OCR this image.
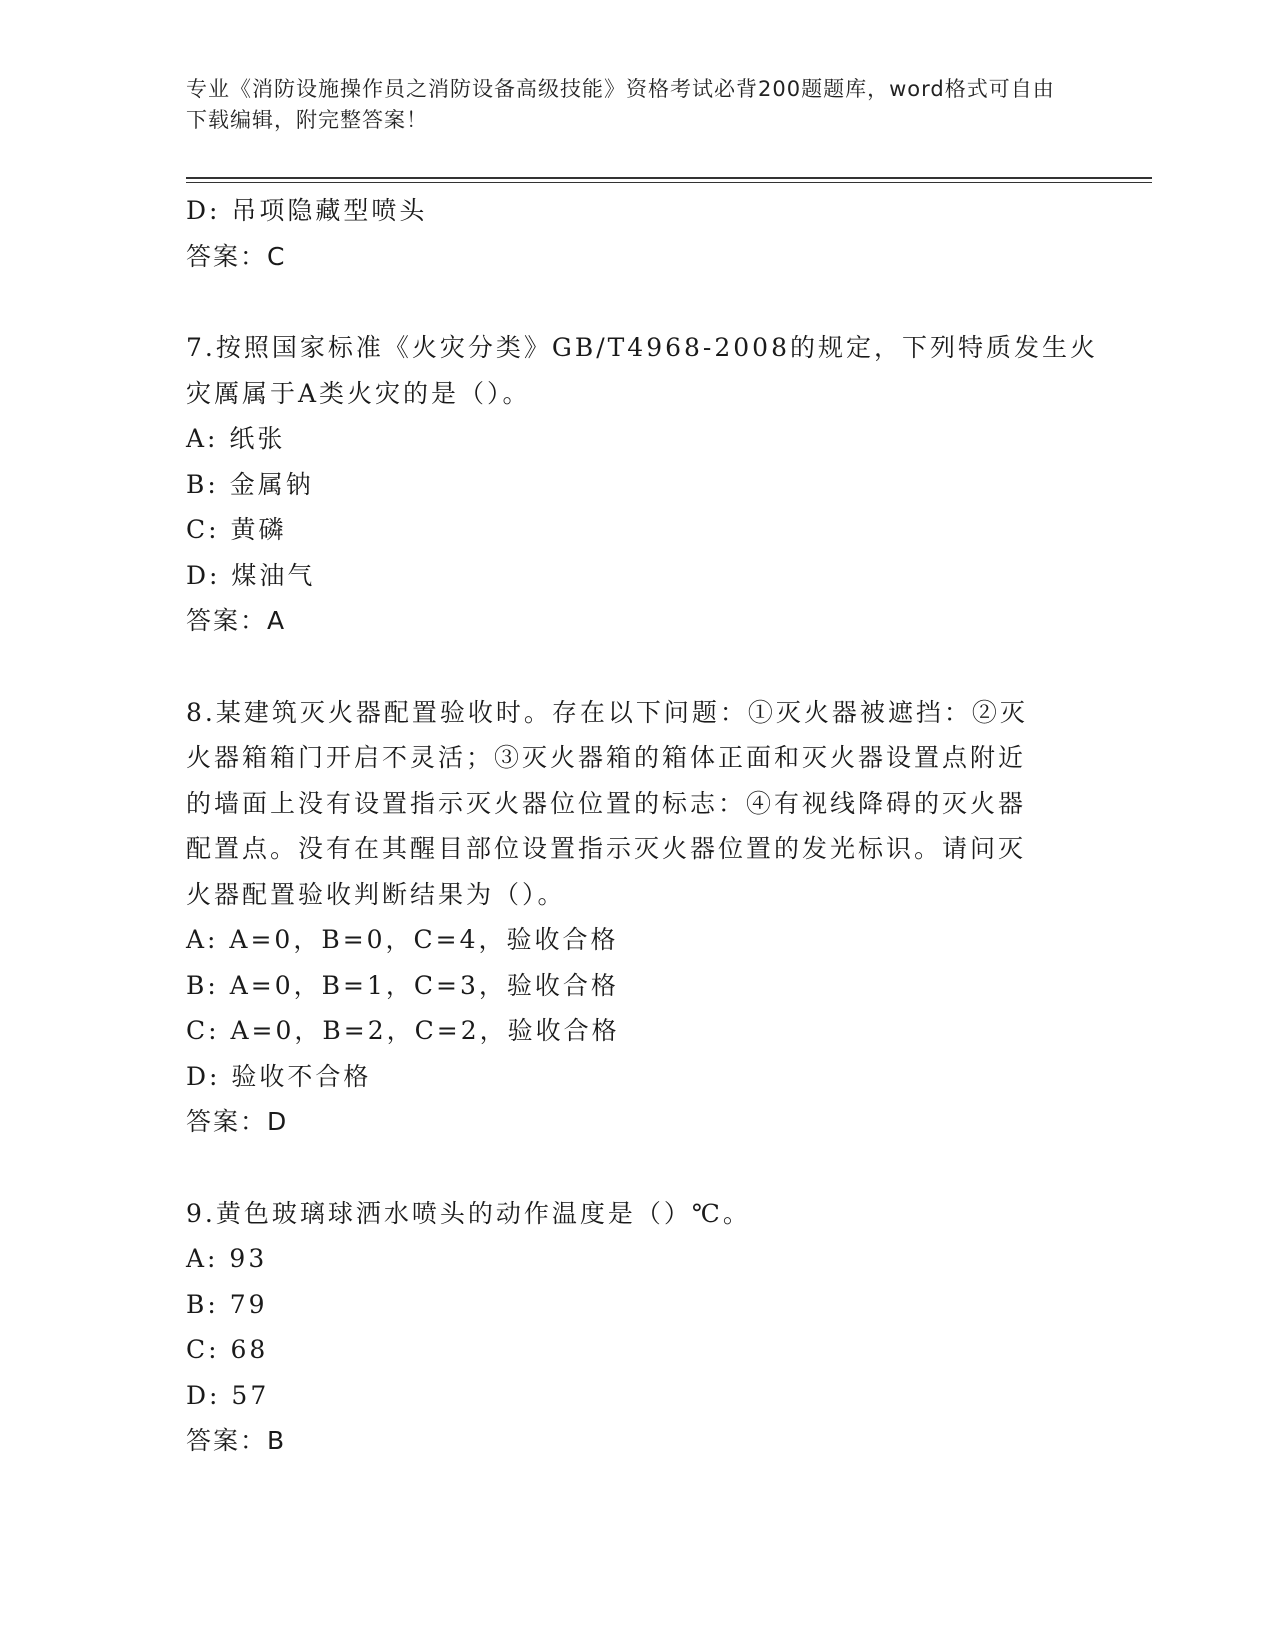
专业《消防设施操作员之消防设备高级技能》资格考试必背200题题库，word格式可自由下载编辑，附完整答案！
D: 吊项隐藏型喷头
答案：C
7.按照国家标准《火灾分类》GB/T4968-2008的规定，下列特质发生火
灾厲属于A类火灾的是（）。
A: 纸张
B: 金属钠
C: 黄磷
D: 煤油气
答案：A
8.某建筑灭火器配置验收时。存在以下问题：①灭火器被遮挡：②灭
火器箱箱门开启不灵活；③灭火器箱的箱体正面和灭火器设置点附近
的墙面上没有设置指示灭火器位位置的标志：④有视线降碍的灭火器
配置点。没有在其醒目部位设置指示灭火器位置的发光标识。请问灭
火器配置验收判断结果为（）。
A: A=0，B=0，C=4，验收合格
B: A=0，B=1，C=3，验收合格
C: A=0，B=2，C=2，验收合格
D: 验收不合格
答案：D
9.黄色玻璃球洒水喷头的动作温度是（）℃。
A: 93
B: 79
C: 68
D: 57
答案：B
